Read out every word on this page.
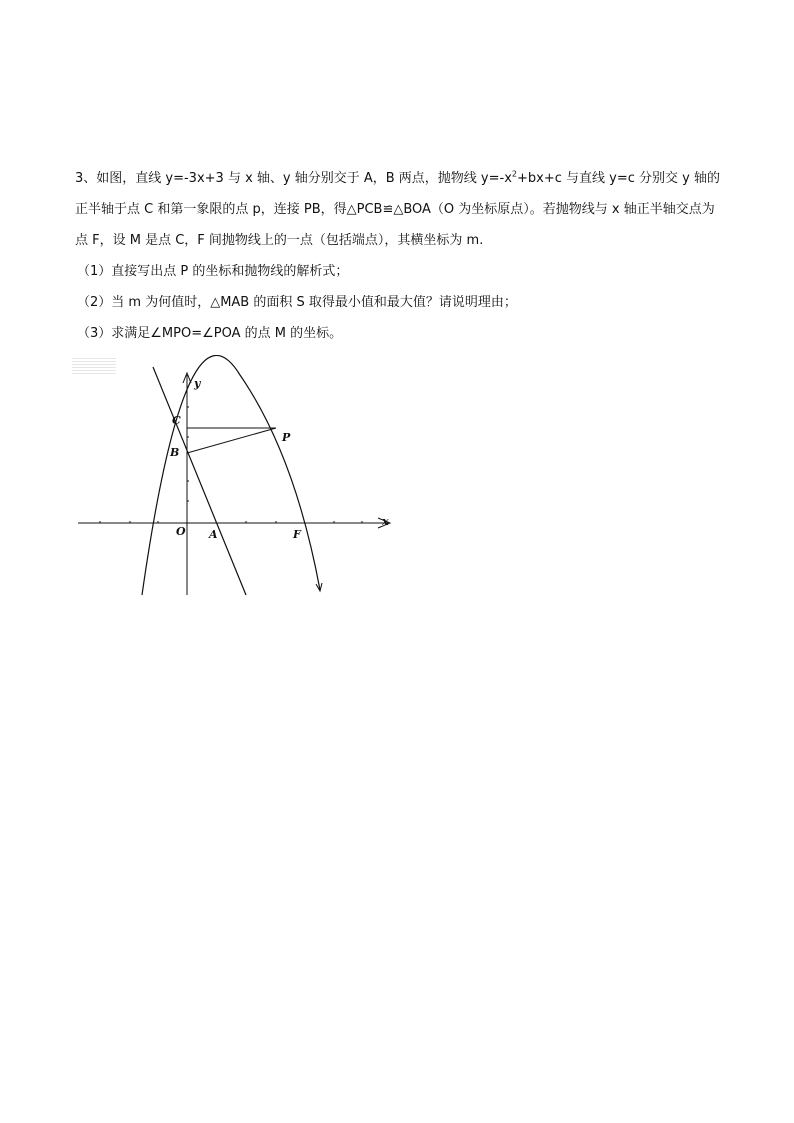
3、如图，直线 y=-3x+3 与 x 轴、y 轴分别交于 A，B 两点，抛物线 $y=-x^2+bx+c$ 与直线 y=c 分别交 y 轴的正半轴于点 C 和第一象限的点 p，连接 PB，得△PCB≌△BOA（O 为坐标原点）。若抛物线与 x 轴正半轴交点为点 F，设 M 是点 C，F 间抛物线上的一点（包括端点），其横坐标为 m.

（1）直接写出点 P 的坐标和抛物线的解析式；

（2）当 m 为何值时，△MAB 的面积 S 取得最小值和最大值？请说明理由；

（3）求满足∠MPO=∠POA 的点 M 的坐标。

y
x
C
P
B
O A	F
